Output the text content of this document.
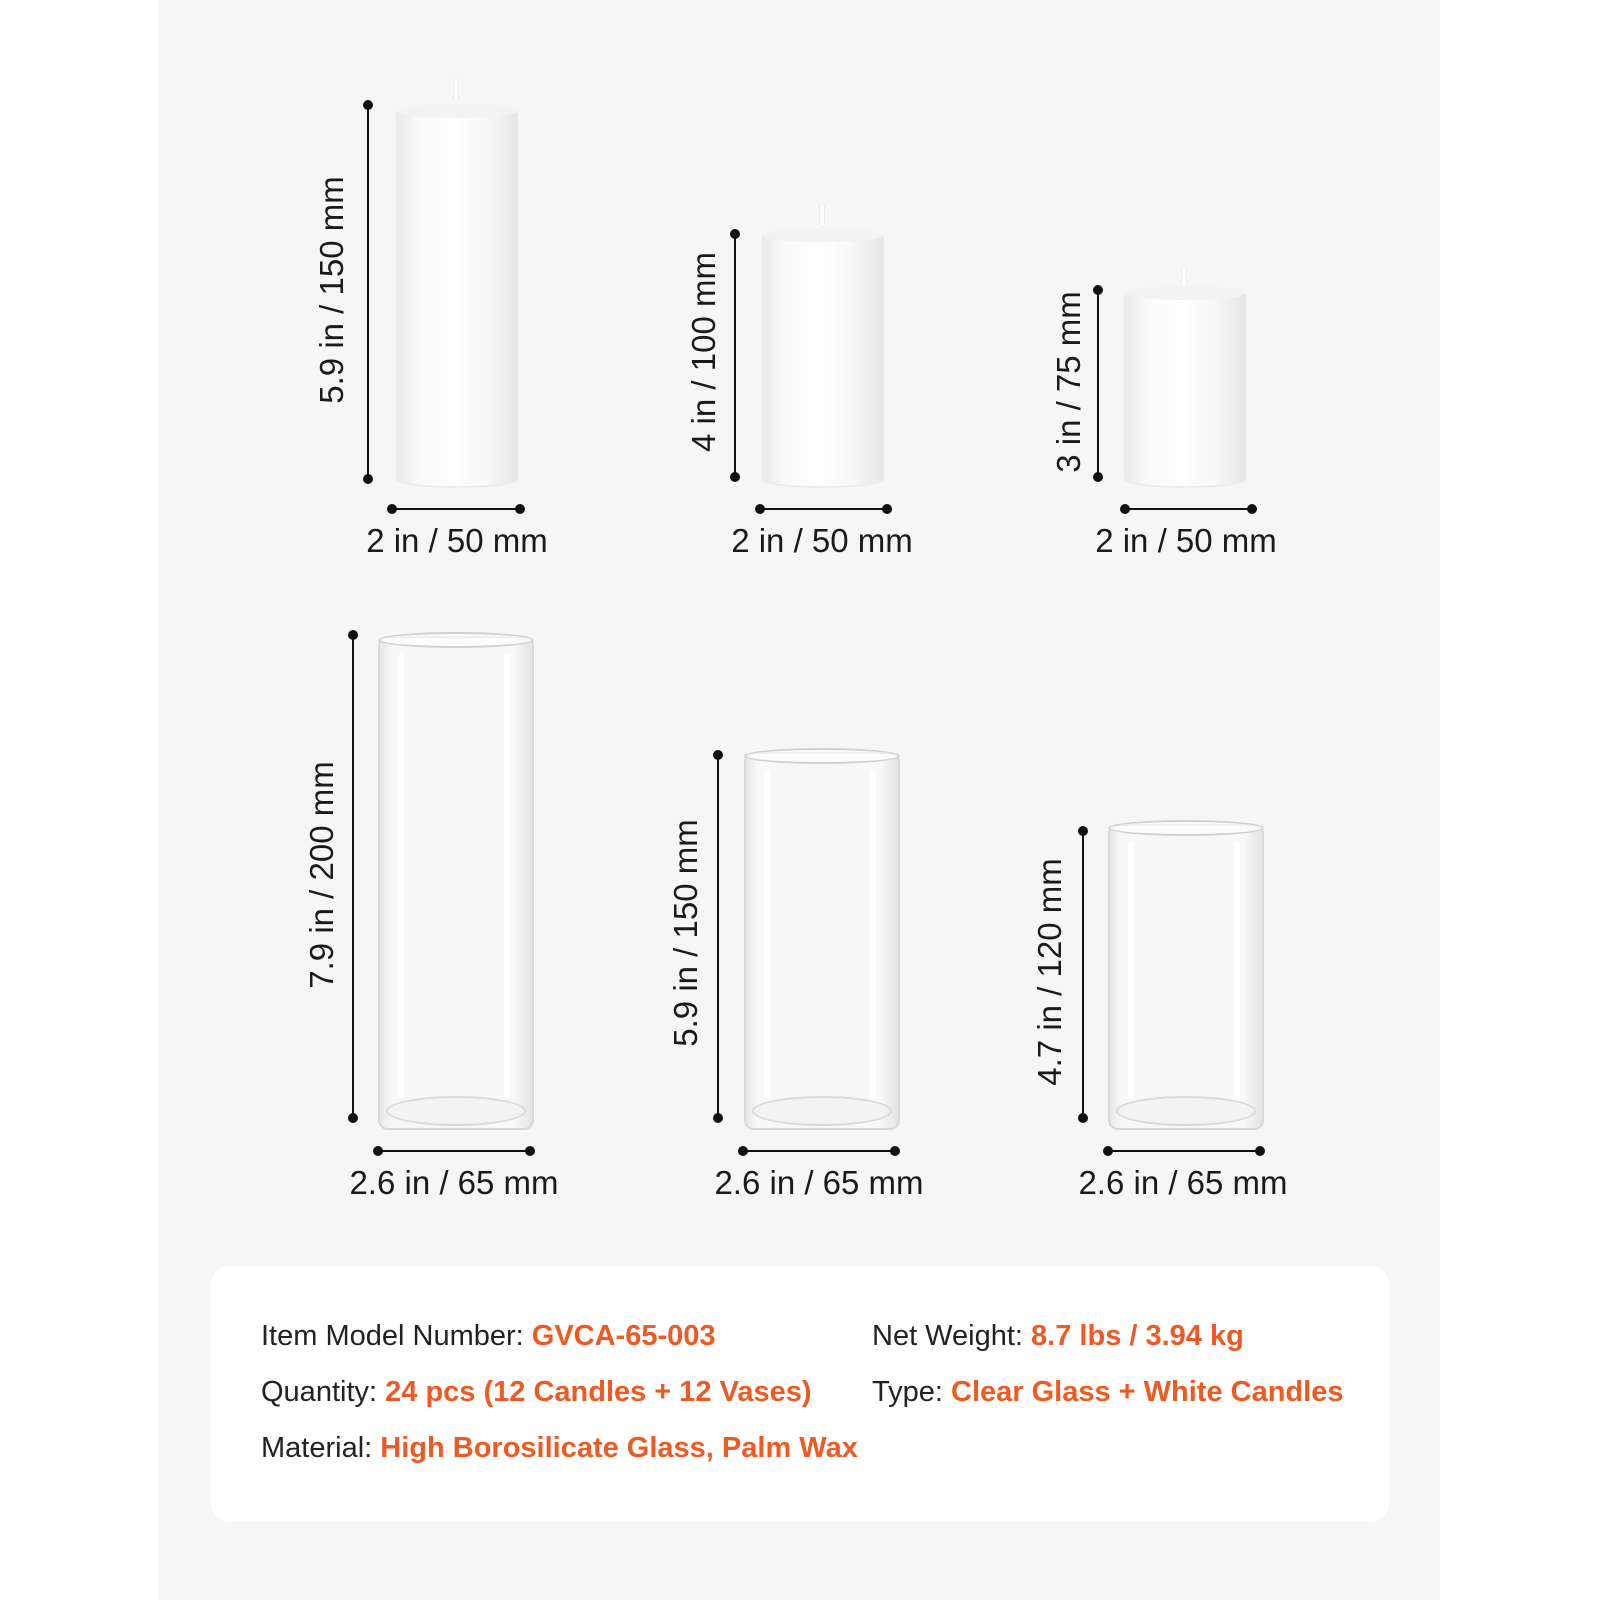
5.9 in / 150 mm
2 in / 50 mm
4 in / 100 mm
2 in / 50 mm
3 in / 75 mm
2 in / 50 mm
7.9 in / 200 mm
2.6 in / 65 mm
5.9 in / 150 mm
2.6 in / 65 mm
4.7 in / 120 mm
2.6 in / 65 mm
Item Model Number: GVCA-65-003
Quantity: 24 pcs (12 Candles + 12 Vases)
Material: High Borosilicate Glass, Palm Wax
Net Weight: 8.7 lbs / 3.94 kg
Type: Clear Glass + White Candles
